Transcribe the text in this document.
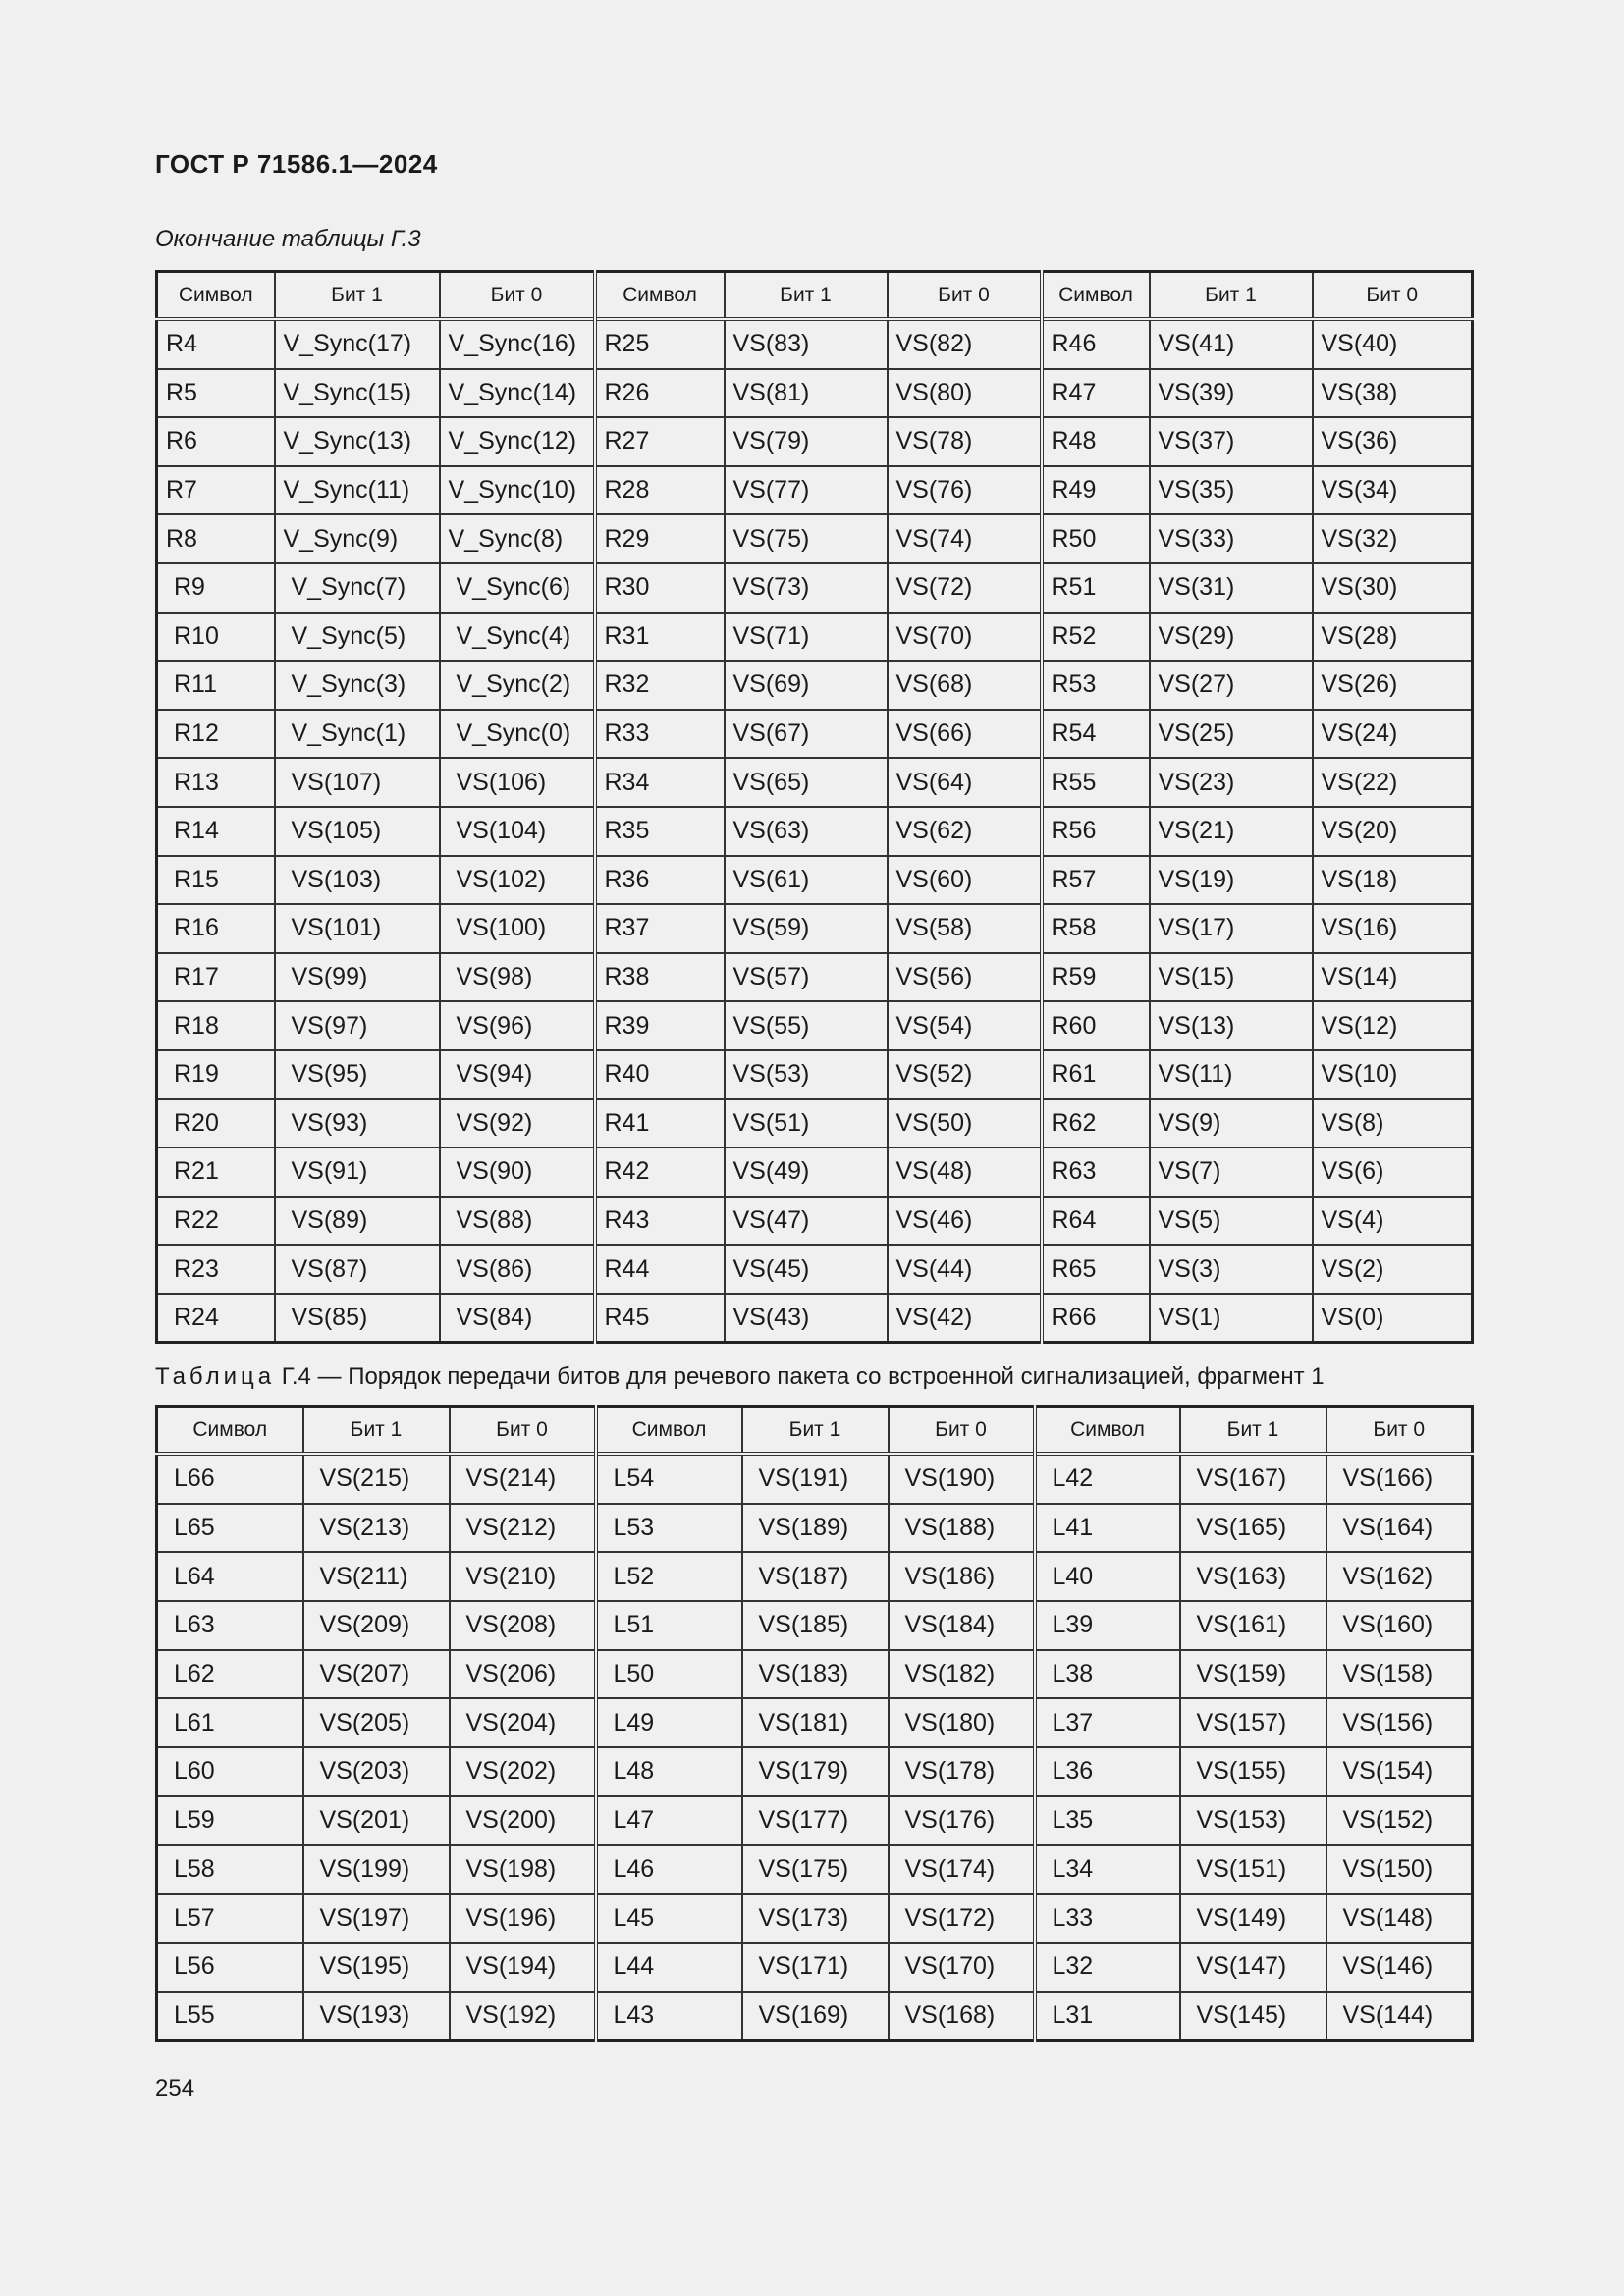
ГОСТ Р 71586.1—2024
Окончание таблицы Г.3
Символ	Бит 1	Бит 0	Символ	Бит 1	Бит 0	Символ	Бит 1	Бит 0
R4	V_Sync(17)	V_Sync(16)	R25	VS(83)	VS(82)	R46	VS(41)	VS(40)
R5	V_Sync(15)	V_Sync(14)	R26	VS(81)	VS(80)	R47	VS(39)	VS(38)
R6	V_Sync(13)	V_Sync(12)	R27	VS(79)	VS(78)	R48	VS(37)	VS(36)
R7	V_Sync(11)	V_Sync(10)	R28	VS(77)	VS(76)	R49	VS(35)	VS(34)
R8	V_Sync(9)	V_Sync(8)	R29	VS(75)	VS(74)	R50	VS(33)	VS(32)
R9	V_Sync(7)	V_Sync(6)	R30	VS(73)	VS(72)	R51	VS(31)	VS(30)
R10	V_Sync(5)	V_Sync(4)	R31	VS(71)	VS(70)	R52	VS(29)	VS(28)
R11	V_Sync(3)	V_Sync(2)	R32	VS(69)	VS(68)	R53	VS(27)	VS(26)
R12	V_Sync(1)	V_Sync(0)	R33	VS(67)	VS(66)	R54	VS(25)	VS(24)
R13	VS(107)	VS(106)	R34	VS(65)	VS(64)	R55	VS(23)	VS(22)
R14	VS(105)	VS(104)	R35	VS(63)	VS(62)	R56	VS(21)	VS(20)
R15	VS(103)	VS(102)	R36	VS(61)	VS(60)	R57	VS(19)	VS(18)
R16	VS(101)	VS(100)	R37	VS(59)	VS(58)	R58	VS(17)	VS(16)
R17	VS(99)	VS(98)	R38	VS(57)	VS(56)	R59	VS(15)	VS(14)
R18	VS(97)	VS(96)	R39	VS(55)	VS(54)	R60	VS(13)	VS(12)
R19	VS(95)	VS(94)	R40	VS(53)	VS(52)	R61	VS(11)	VS(10)
R20	VS(93)	VS(92)	R41	VS(51)	VS(50)	R62	VS(9)	VS(8)
R21	VS(91)	VS(90)	R42	VS(49)	VS(48)	R63	VS(7)	VS(6)
R22	VS(89)	VS(88)	R43	VS(47)	VS(46)	R64	VS(5)	VS(4)
R23	VS(87)	VS(86)	R44	VS(45)	VS(44)	R65	VS(3)	VS(2)
R24	VS(85)	VS(84)	R45	VS(43)	VS(42)	R66	VS(1)	VS(0)
Таблица Г.4 — Порядок передачи битов для речевого пакета со встроенной сигнализацией, фрагмент 1
Символ	Бит 1	Бит 0	Символ	Бит 1	Бит 0	Символ	Бит 1	Бит 0
L66	VS(215)	VS(214)	L54	VS(191)	VS(190)	L42	VS(167)	VS(166)
L65	VS(213)	VS(212)	L53	VS(189)	VS(188)	L41	VS(165)	VS(164)
L64	VS(211)	VS(210)	L52	VS(187)	VS(186)	L40	VS(163)	VS(162)
L63	VS(209)	VS(208)	L51	VS(185)	VS(184)	L39	VS(161)	VS(160)
L62	VS(207)	VS(206)	L50	VS(183)	VS(182)	L38	VS(159)	VS(158)
L61	VS(205)	VS(204)	L49	VS(181)	VS(180)	L37	VS(157)	VS(156)
L60	VS(203)	VS(202)	L48	VS(179)	VS(178)	L36	VS(155)	VS(154)
L59	VS(201)	VS(200)	L47	VS(177)	VS(176)	L35	VS(153)	VS(152)
L58	VS(199)	VS(198)	L46	VS(175)	VS(174)	L34	VS(151)	VS(150)
L57	VS(197)	VS(196)	L45	VS(173)	VS(172)	L33	VS(149)	VS(148)
L56	VS(195)	VS(194)	L44	VS(171)	VS(170)	L32	VS(147)	VS(146)
L55	VS(193)	VS(192)	L43	VS(169)	VS(168)	L31	VS(145)	VS(144)
254
